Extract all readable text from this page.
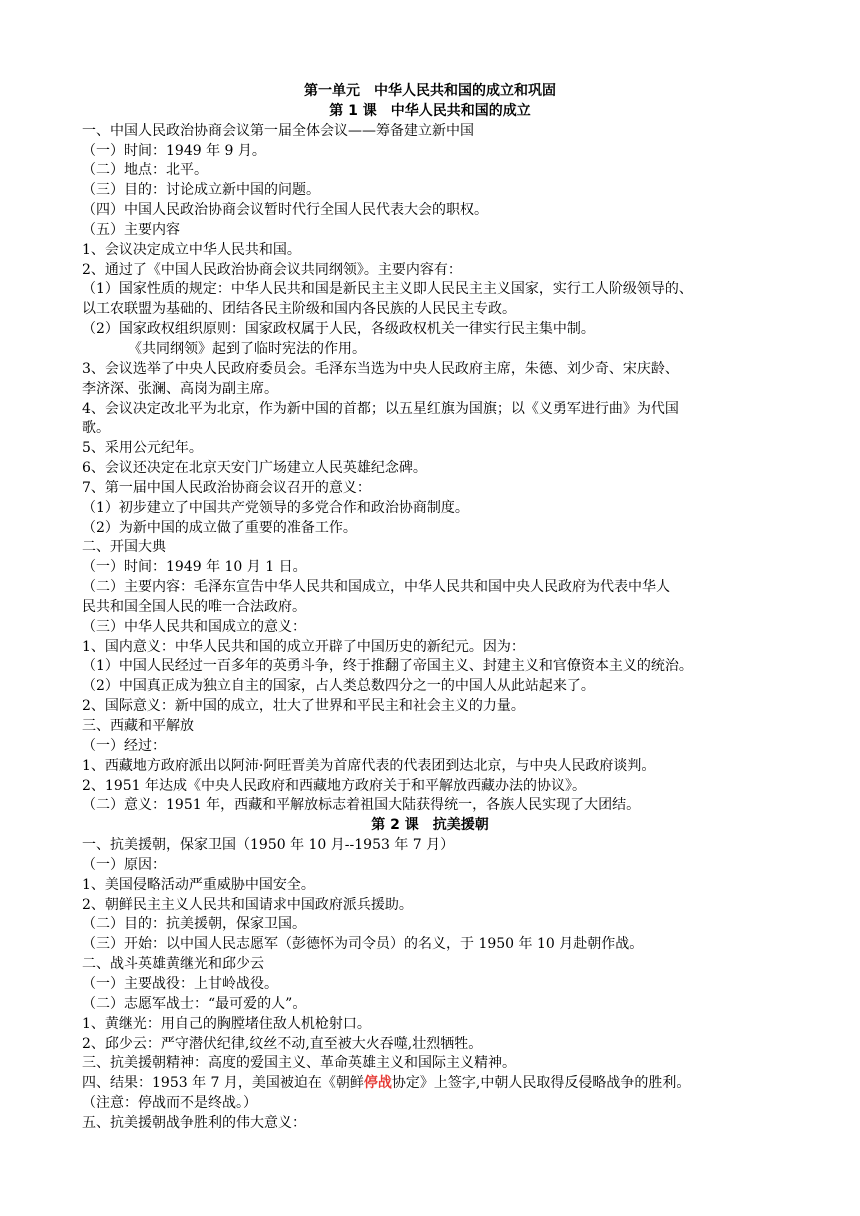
第一单元　中华人民共和国的成立和巩固
第 1 课　中华人民共和国的成立
一、中国人民政治协商会议第一届全体会议——筹备建立新中国
（一）时间：1949 年 9 月。
（二）地点：北平。
（三）目的：讨论成立新中国的问题。
（四）中国人民政治协商会议暂时代行全国人民代表大会的职权。
（五）主要内容
1、会议决定成立中华人民共和国。
2、通过了《中国人民政治协商会议共同纲领》。主要内容有：
（1）国家性质的规定：中华人民共和国是新民主主义即人民民主主义国家，实行工人阶级领导的、
以工农联盟为基础的、团结各民主阶级和国内各民族的人民民主专政。
（2）国家政权组织原则：国家政权属于人民，各级政权机关一律实行民主集中制。
《共同纲领》起到了临时宪法的作用。
3、会议选举了中央人民政府委员会。毛泽东当选为中央人民政府主席，朱德、刘少奇、宋庆龄、
李济深、张澜、高岗为副主席。
4、会议决定改北平为北京，作为新中国的首都；以五星红旗为国旗；以《义勇军进行曲》为代国
歌。
5、采用公元纪年。
6、会议还决定在北京天安门广场建立人民英雄纪念碑。
7、第一届中国人民政治协商会议召开的意义：
（1）初步建立了中国共产党领导的多党合作和政治协商制度。
（2）为新中国的成立做了重要的准备工作。
二、开国大典
（一）时间：1949 年 10 月 1 日。
（二）主要内容：毛泽东宣告中华人民共和国成立，中华人民共和国中央人民政府为代表中华人
民共和国全国人民的唯一合法政府。
（三）中华人民共和国成立的意义：
1、国内意义：中华人民共和国的成立开辟了中国历史的新纪元。因为：
（1）中国人民经过一百多年的英勇斗争，终于推翻了帝国主义、封建主义和官僚资本主义的统治。
（2）中国真正成为独立自主的国家，占人类总数四分之一的中国人从此站起来了。
2、国际意义：新中国的成立，壮大了世界和平民主和社会主义的力量。
三、西藏和平解放
（一）经过：
1、西藏地方政府派出以阿沛·阿旺晋美为首席代表的代表团到达北京，与中央人民政府谈判。
2、1951 年达成《中央人民政府和西藏地方政府关于和平解放西藏办法的协议》。
（二）意义：1951 年，西藏和平解放标志着祖国大陆获得统一，各族人民实现了大团结。
第 2 课　抗美援朝
一、抗美援朝，保家卫国（1950 年 10 月--1953 年 7 月）
（一）原因：
1、美国侵略活动严重威胁中国安全。
2、朝鲜民主主义人民共和国请求中国政府派兵援助。
（二）目的：抗美援朝，保家卫国。
（三）开始：以中国人民志愿军（彭德怀为司令员）的名义，于 1950 年 10 月赴朝作战。
二、战斗英雄黄继光和邱少云
（一）主要战役：上甘岭战役。
（二）志愿军战士：“最可爱的人”。
1、黄继光：用自己的胸膛堵住敌人机枪射口。
2、邱少云：严守潜伏纪律,纹丝不动,直至被大火吞噬,壮烈牺牲。
三、抗美援朝精神：高度的爱国主义、革命英雄主义和国际主义精神。
四、结果：1953 年 7 月，美国被迫在《朝鲜停战协定》上签字,中朝人民取得反侵略战争的胜利。
（注意：停战而不是终战。）
五、抗美援朝战争胜利的伟大意义：
